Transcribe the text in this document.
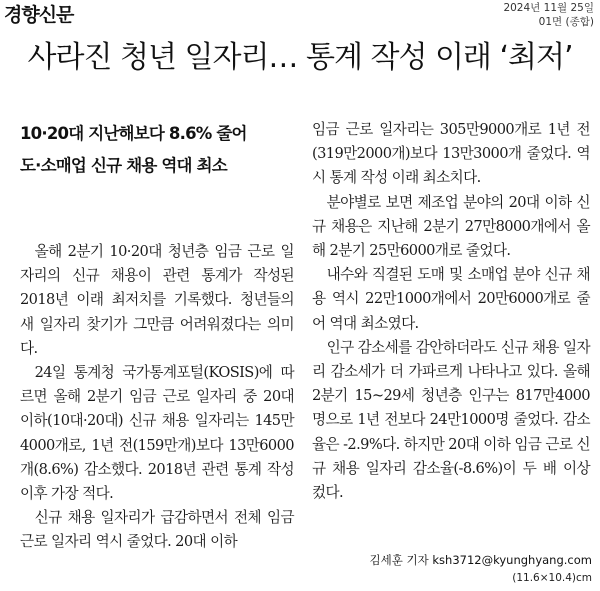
경향신문	2024년 11월 25일
01면 (종합)
사라진 청년 일자리… 통계 작성 이래 ‘최저’
10·20대 지난해보다 8.6% 줄어
도·소매업 신규 채용 역대 최소

올해 2분기 10·20대 청년층 임금 근로 일자리의 신규 채용이 관련 통계가 작성된 2018년 이래 최저치를 기록했다. 청년들의 새 일자리 찾기가 그만큼 어려워졌다는 의미다.

24일 통계청 국가통계포털(KOSIS)에 따르면 올해 2분기 임금 근로 일자리 중 20대 이하(10대·20대) 신규 채용 일자리는 145만4000개로, 1년 전(159만개)보다 13만6000개(8.6%) 감소했다. 2018년 관련 통계 작성 이후 가장 적다.

신규 채용 일자리가 급감하면서 전체 임금 근로 일자리 역시 줄었다. 20대 이하

임금 근로 일자리는 305만9000개로 1년 전(319만2000개)보다 13만3000개 줄었다. 역시 통계 작성 이래 최소치다.

분야별로 보면 제조업 분야의 20대 이하 신규 채용은 지난해 2분기 27만8000개에서 올해 2분기 25만6000개로 줄었다.

내수와 직결된 도매 및 소매업 분야 신규 채용 역시 22만1000개에서 20만6000개로 줄어 역대 최소였다.

인구 감소세를 감안하더라도 신규 채용 일자리 감소세가 더 가파르게 나타나고 있다. 올해 2분기 15~29세 청년층 인구는 817만4000명으로 1년 전보다 24만1000명 줄었다. 감소율은 -2.9%다. 하지만 20대 이하 임금 근로 신규 채용 일자리 감소율(-8.6%)이 두 배 이상 컸다.

김세훈 기자 ksh3712@kyunghyang.com
(11.6×10.4)cm
